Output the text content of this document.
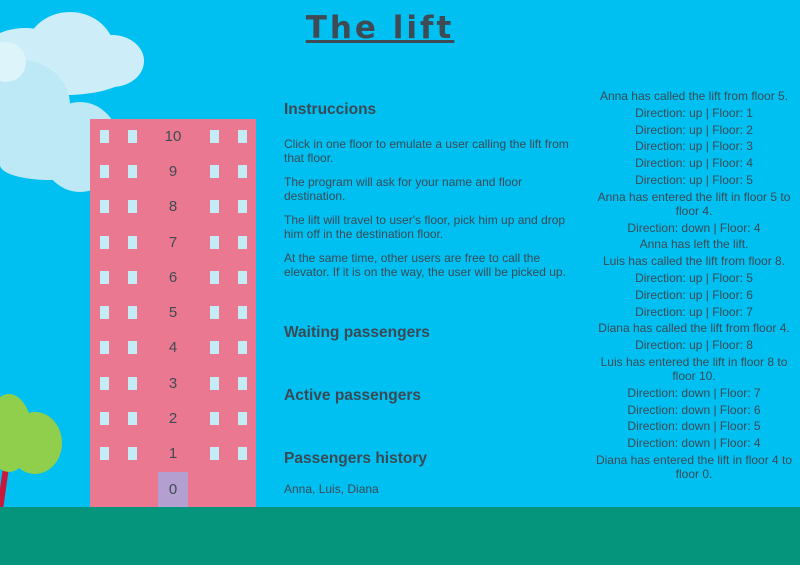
The lift
10
9
8
7
6
5
4
3
2
1
0
Instruccions

Click in one floor to emulate a user calling the lift from that floor.

The program will ask for your name and floor destination.

The lift will travel to user's floor, pick him up and drop him off in the destination floor.

At the same time, other users are free to call the elevator. If it is on the way, the user will be picked up.

Waiting passengers

Active passengers

Passengers history

Anna, Luis, Diana

Anna has called the lift from floor 5.
Direction: up | Floor: 1
Direction: up | Floor: 2
Direction: up | Floor: 3
Direction: up | Floor: 4
Direction: up | Floor: 5
Anna has entered the lift in floor 5 to floor 4.
Direction: down | Floor: 4
Anna has left the lift.
Luis has called the lift from floor 8.
Direction: up | Floor: 5
Direction: up | Floor: 6
Direction: up | Floor: 7
Diana has called the lift from floor 4.
Direction: up | Floor: 8
Luis has entered the lift in floor 8 to floor 10.
Direction: down | Floor: 7
Direction: down | Floor: 6
Direction: down | Floor: 5
Direction: down | Floor: 4
Diana has entered the lift in floor 4 to floor 0.
